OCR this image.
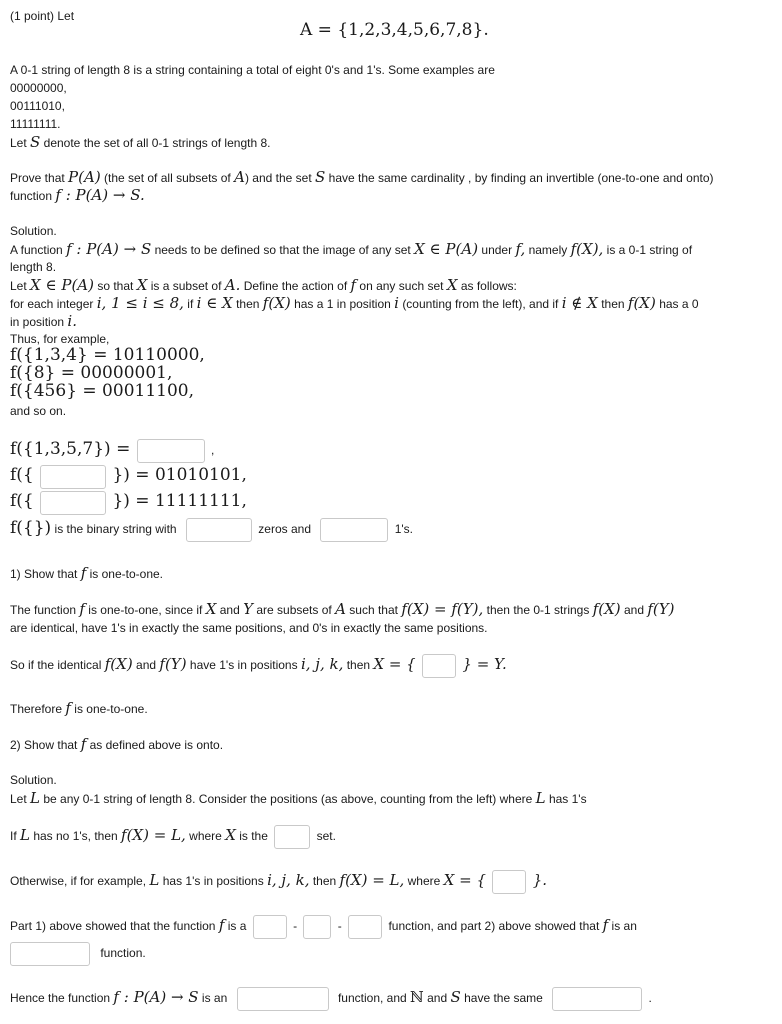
(1 point) Let
A = {1,2,3,4,5,6,7,8}.
A 0-1 string of length 8 is a string containing a total of eight 0's and 1's. Some examples are
00000000,
00111010,
11111111.
Let S denote the set of all 0-1 strings of length 8.
Prove that P(A) (the set of all subsets of A) and the set S have the same cardinality , by finding an invertible (one-to-one and onto)
function f : P(A) → S.
Solution.
A function f : P(A) → S needs to be defined so that the image of any set X ∈ P(A) under f, namely f(X), is a 0-1 string of
length 8.
Let X ∈ P(A) so that X is a subset of A. Define the action of f on any such set X as follows:
for each integer i, 1 ≤ i ≤ 8, if i ∈ X then f(X) has a 1 in position i (counting from the left), and if i ∉ X then f(X) has a 0
in position i.
Thus, for example,
f({1,3,4} = 10110000,
f({8} = 00000001,
f({456} = 00011100,
and so on.
f({1,3,5,7}) =	,
f({	}) = 01010101,
f({	}) = 11111111,
f({}) is the binary string with	zeros and	1's.
1) Show that f is one-to-one.
The function f is one-to-one, since if X and Y are subsets of A such that f(X) = f(Y), then the 0-1 strings f(X) and f(Y)
are identical, have 1's in exactly the same positions, and 0's in exactly the same positions.
So if the identical f(X) and f(Y) have 1's in positions i, j, k, then X = {	} = Y.
Therefore f is one-to-one.
2) Show that f as defined above is onto.
Solution.
Let L be any 0-1 string of length 8. Consider the positions (as above, counting from the left) where L has 1's
If L has no 1's, then f(X) = L, where X is the	set.
Otherwise, if for example, L has 1's in positions i, j, k, then f(X) = L, where X = {	}.
Part 1) above showed that the function f is a	-	-	function, and part 2) above showed that f is an
function.
Hence the function f : P(A) → S is an	function, and ℕ and S have the same	.
